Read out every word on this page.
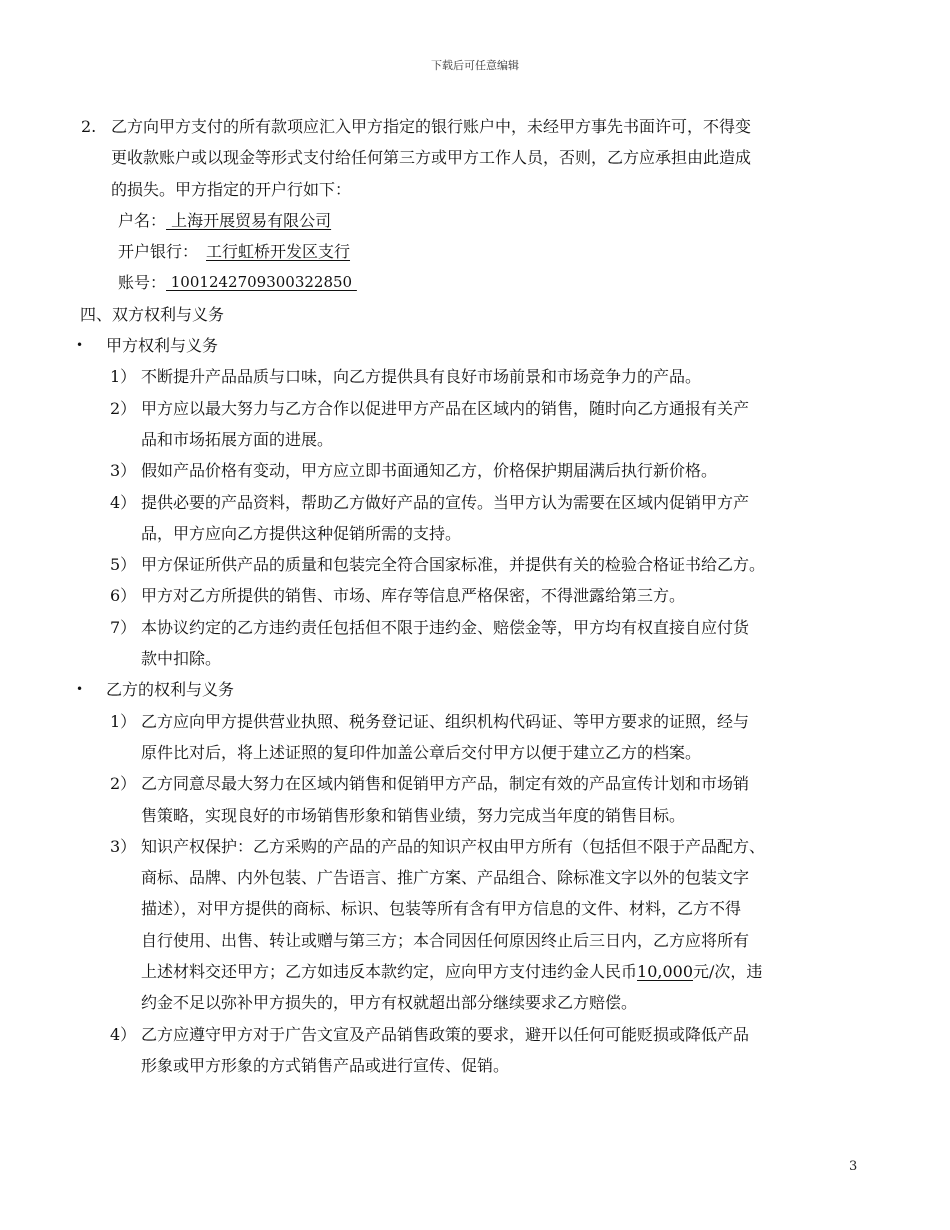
下载后可任意编辑
2. 乙方向甲方支付的所有款项应汇入甲方指定的银行账户中，未经甲方事先书面许可，不得变
更收款账户或以现金等形式支付给任何第三方或甲方工作人员，否则，乙方应承担由此造成
的损失。甲方指定的开户行如下：
户名： 上海开展贸易有限公司
开户银行： 工行虹桥开发区支行
账号： 1001242709300322850
四、双方权利与义务
• 甲方权利与义务
1） 不断提升产品品质与口味，向乙方提供具有良好市场前景和市场竞争力的产品。
2） 甲方应以最大努力与乙方合作以促进甲方产品在区域内的销售，随时向乙方通报有关产
品和市场拓展方面的进展。
3） 假如产品价格有变动，甲方应立即书面通知乙方，价格保护期届满后执行新价格。
4） 提供必要的产品资料，帮助乙方做好产品的宣传。当甲方认为需要在区域内促销甲方产
品，甲方应向乙方提供这种促销所需的支持。
5） 甲方保证所供产品的质量和包装完全符合国家标准，并提供有关的检验合格证书给乙方。
6） 甲方对乙方所提供的销售、市场、库存等信息严格保密，不得泄露给第三方。
7） 本协议约定的乙方违约责任包括但不限于违约金、赔偿金等，甲方均有权直接自应付货
款中扣除。
• 乙方的权利与义务
1） 乙方应向甲方提供营业执照、税务登记证、组织机构代码证、等甲方要求的证照，经与
原件比对后，将上述证照的复印件加盖公章后交付甲方以便于建立乙方的档案。
2） 乙方同意尽最大努力在区域内销售和促销甲方产品，制定有效的产品宣传计划和市场销
售策略，实现良好的市场销售形象和销售业绩，努力完成当年度的销售目标。
3） 知识产权保护：乙方采购的产品的产品的知识产权由甲方所有（包括但不限于产品配方、
商标、品牌、内外包装、广告语言、推广方案、产品组合、除标准文字以外的包装文字
描述），对甲方提供的商标、标识、包装等所有含有甲方信息的文件、材料，乙方不得
自行使用、出售、转让或赠与第三方；本合同因任何原因终止后三日内，乙方应将所有
上述材料交还甲方；乙方如违反本款约定，应向甲方支付违约金人民币10,000元/次，违
约金不足以弥补甲方损失的，甲方有权就超出部分继续要求乙方赔偿。
4） 乙方应遵守甲方对于广告文宣及产品销售政策的要求，避开以任何可能贬损或降低产品
形象或甲方形象的方式销售产品或进行宣传、促销。
3
